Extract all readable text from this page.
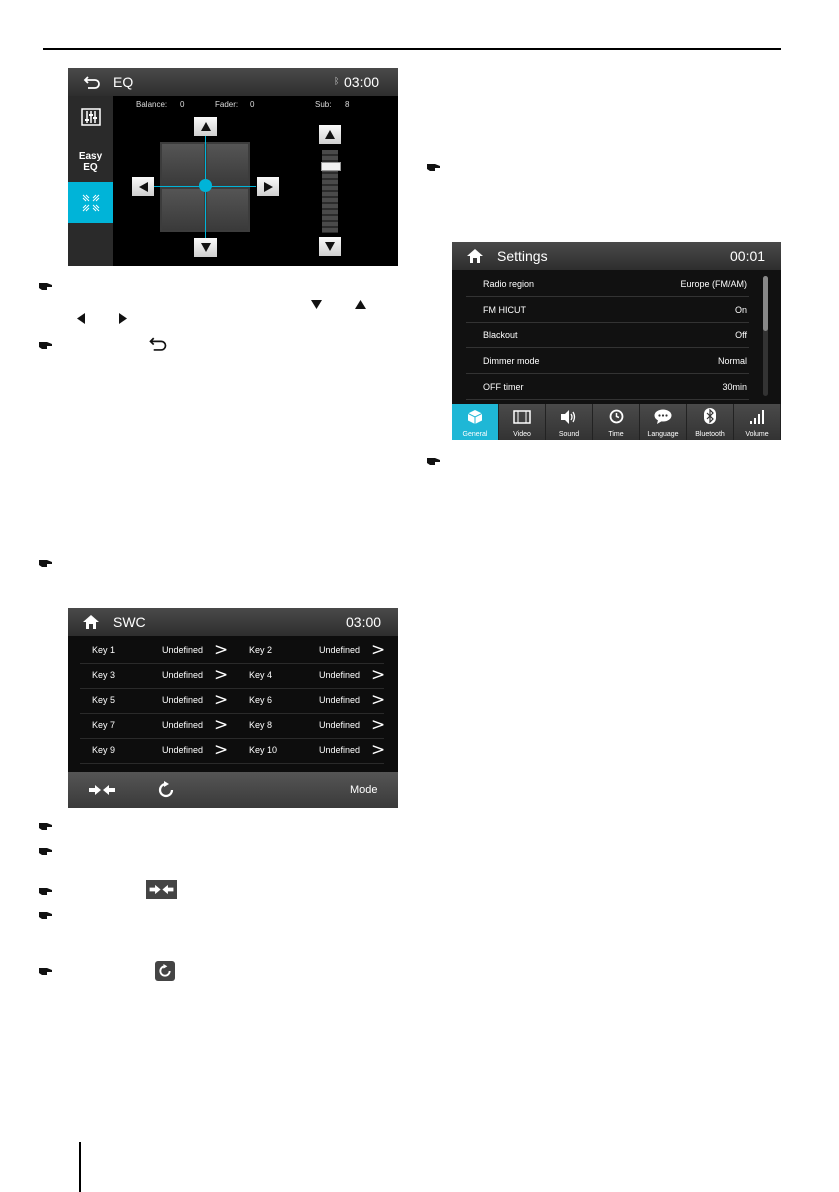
EQ	ᛒ 03:00
Easy EQ
Balance: 0	Fader: 0	Sub: 8
SWC	03:00
Key 1	Undefined > Key 2	Undefined >
Key 3	Undefined > Key 4	Undefined >
Key 5	Undefined > Key 6	Undefined >
Key 7	Undefined > Key 8	Undefined >
Key 9	Undefined > Key 10	Undefined >
Mode
Settings	00:01
Radio region	Europe (FM/AM)
FM HICUT	On
Blackout	Off
Dimmer mode	Normal
OFF timer	30min
General	Video	Sound	Time	Language Bluetooth	Volume
